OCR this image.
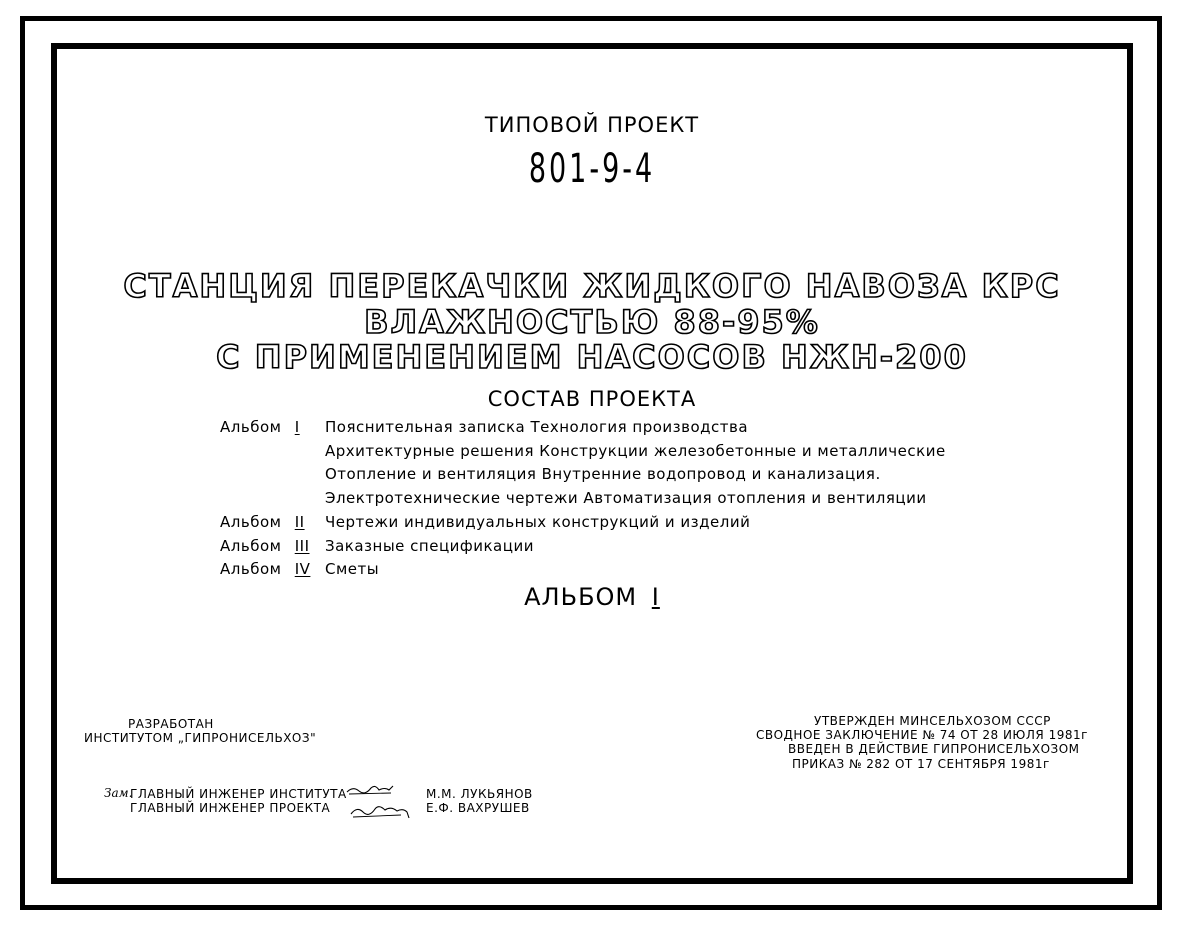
ТИПОВОЙ ПРОЕКТ
801-9-4
СТАНЦИЯ ПЕРЕКАЧКИ ЖИДКОГО НАВОЗА КРС
ВЛАЖНОСТЬЮ 88-95%
С ПРИМЕНЕНИЕМ НАСОСОВ НЖН-200
СОСТАВ ПРОЕКТА
Альбом I Пояснительная записка Технология производства
Архитектурные решения Конструкции железобетонные и металлические
Отопление и вентиляция Внутренние водопровод и канализация.
Электротехнические чертежи Автоматизация отопления и вентиляции
Альбом II Чертежи индивидуальных конструкций и изделий
Альбом III Заказные спецификации
Альбом IV Сметы
АЛЬБОМ I
РАЗРАБОТАН
ИНСТИТУТОМ „ГИПРОНИСЕЛЬХОЗ"
УТВЕРЖДЕН МИНСЕЛЬХОЗОМ СССР
СВОДНОЕ ЗАКЛЮЧЕНИЕ № 74 ОТ 28 ИЮЛЯ 1981г
ВВЕДЕН В ДЕЙСТВИЕ ГИПРОНИСЕЛЬХОЗОМ
ПРИКАЗ № 282 ОТ 17 СЕНТЯБРЯ 1981г
Зам.
ГЛАВНЫЙ ИНЖЕНЕР ИНСТИТУТА
ГЛАВНЫЙ ИНЖЕНЕР ПРОЕКТА
М.М. ЛУКЬЯНОВ
Е.Ф. ВАХРУШЕВ
